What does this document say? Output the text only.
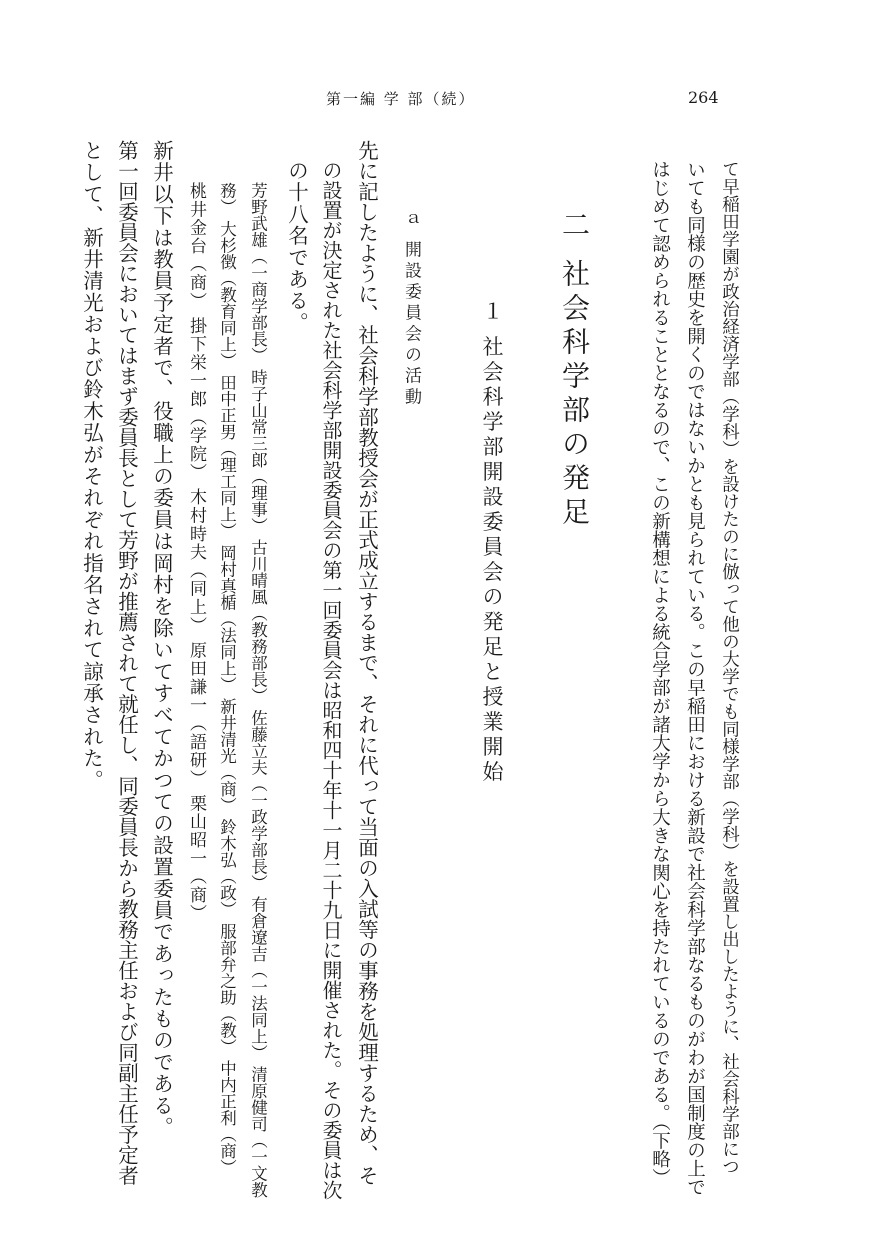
第一編 学 部（続）	264
て早稲田学園が政治経済学部（学科）を設けたのに倣って他の大学でも同様学部（学科）を設置し出したように、社会科学部につ
いても同様の歴史を開くのではないかとも見られている。この早稲田における新設で社会科学部なるものがわが国制度の上で
はじめて認められることとなるので、この新構想による統合学部が諸大学から大きな関心を持たれているのである。（下略）
二 社会科学部の発足
１ 社会科学部開設委員会の発足と授業開始
ａ 開設委員会の活動
先に記したように、社会科学部教授会が正式成立するまで、それに代って当面の入試等の事務を処理するため、そ
の設置が決定された社会科学部開設委員会の第一回委員会は昭和四十年十一月二十九日に開催された。その委員は次
の十八名である。
芳野武雄（一商学部長） 時子山常三郎（理事） 古川晴風（教務部長） 佐藤立夫（一政学部長） 有倉遼吉（一法同上） 清原健司（一文教
務） 大杉徴（教育同上） 田中正男（理工同上） 岡村真楯（法同上） 新井清光（商） 鈴木弘（政） 服部弁之助（教） 中内正利（商）
桃井金台（商） 掛下栄一郎（学院） 木村時夫（同上） 原田謙一（語研） 栗山昭一（商）
新井以下は教員予定者で、役職上の委員は岡村を除いてすべてかつての設置委員であったものである。
第一回委員会においてはまず委員長として芳野が推薦されて就任し、同委員長から教務主任および同副主任予定者
として、新井清光および鈴木弘がそれぞれ指名されて諒承された。
